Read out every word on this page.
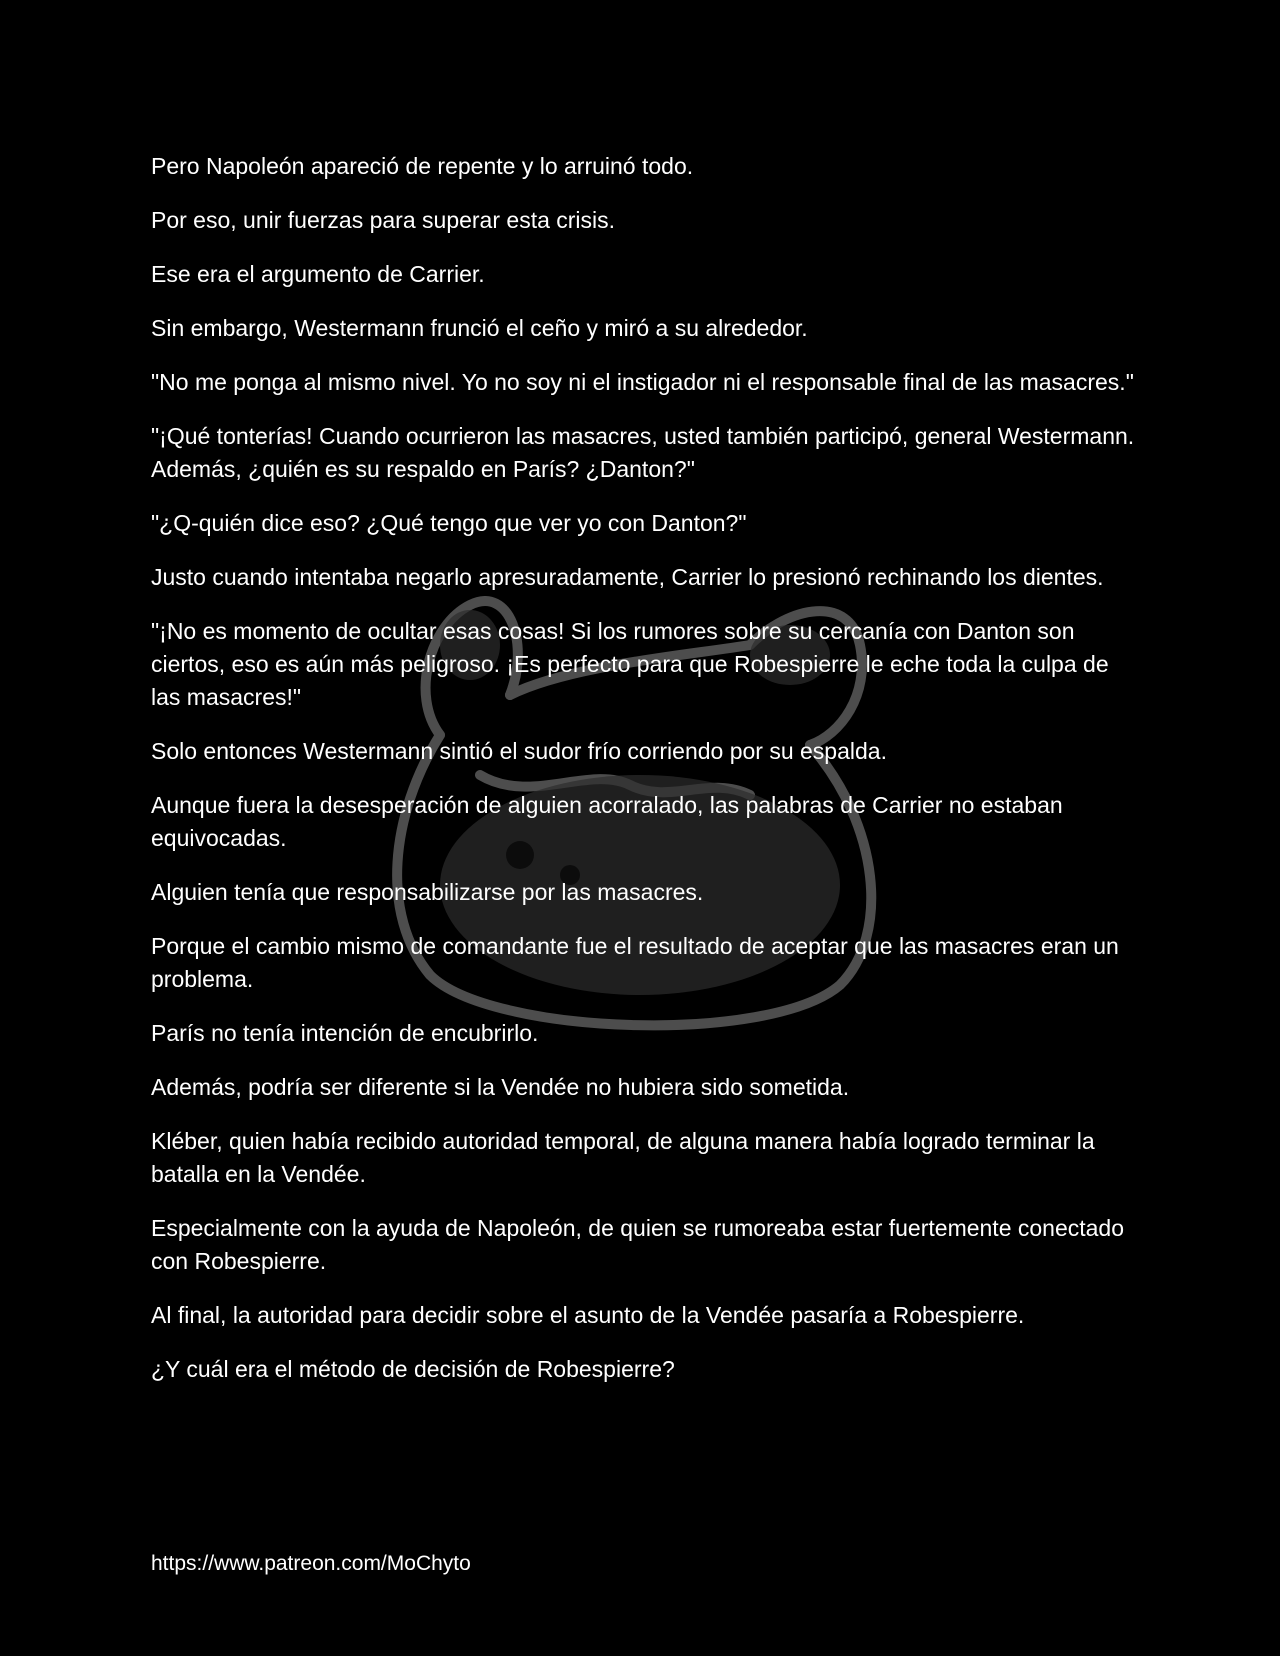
Pero Napoleón apareció de repente y lo arruinó todo.

Por eso, unir fuerzas para superar esta crisis.

Ese era el argumento de Carrier.

Sin embargo, Westermann frunció el ceño y miró a su alrededor.

"No me ponga al mismo nivel. Yo no soy ni el instigador ni el responsable final de las masacres."

"¡Qué tonterías! Cuando ocurrieron las masacres, usted también participó, general Westermann. Además, ¿quién es su respaldo en París? ¿Danton?"

"¿Q-quién dice eso? ¿Qué tengo que ver yo con Danton?"

Justo cuando intentaba negarlo apresuradamente, Carrier lo presionó rechinando los dientes.

"¡No es momento de ocultar esas cosas! Si los rumores sobre su cercanía con Danton son ciertos, eso es aún más peligroso. ¡Es perfecto para que Robespierre le eche toda la culpa de las masacres!"

Solo entonces Westermann sintió el sudor frío corriendo por su espalda.

Aunque fuera la desesperación de alguien acorralado, las palabras de Carrier no estaban equivocadas.

Alguien tenía que responsabilizarse por las masacres.

Porque el cambio mismo de comandante fue el resultado de aceptar que las masacres eran un problema.

París no tenía intención de encubrirlo.

Además, podría ser diferente si la Vendée no hubiera sido sometida.

Kléber, quien había recibido autoridad temporal, de alguna manera había logrado terminar la batalla en la Vendée.

Especialmente con la ayuda de Napoleón, de quien se rumoreaba estar fuertemente conectado con Robespierre.

Al final, la autoridad para decidir sobre el asunto de la Vendée pasaría a Robespierre.

¿Y cuál era el método de decisión de Robespierre?

https://www.patreon.com/MoChyto
